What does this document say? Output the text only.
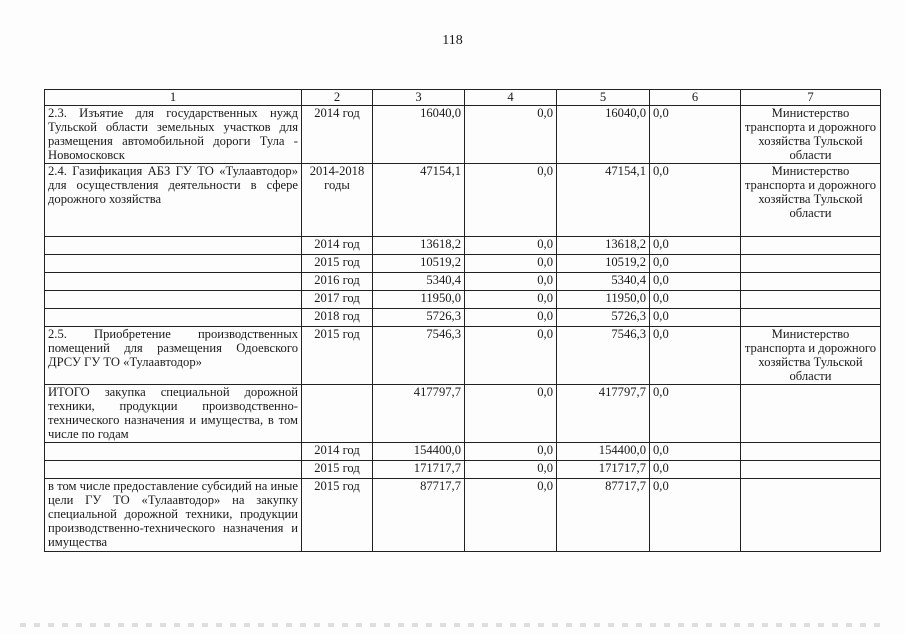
118
1	2	3	4	5	6	7
2.3. Изъятие для государственных нужд Тульской области земельных участков для размещения автомобильной дороги Тула - Новомосковск	2014 год	16040,0	0,0	16040,0	0,0	Министерство транспорта и дорожного хозяйства Тульской области
2.4. Газификация АБЗ ГУ ТО «Тулаавтодор» для осуществления деятельности в сфере дорожного хозяйства	2014-2018 годы	47154,1	0,0	47154,1	0,0	Министерство транспорта и дорожного хозяйства Тульской области
	2014 год	13618,2	0,0	13618,2	0,0	
	2015 год	10519,2	0,0	10519,2	0,0	
	2016 год	5340,4	0,0	5340,4	0,0	
	2017 год	11950,0	0,0	11950,0	0,0	
	2018 год	5726,3	0,0	5726,3	0,0	
2.5. Приобретение производственных помещений для размещения Одоевского ДРСУ ГУ ТО «Тулаавтодор»	2015 год	7546,3	0,0	7546,3	0,0	Министерство транспорта и дорожного хозяйства Тульской области
ИТОГО закупка специальной дорожной техники, продукции производственно-технического назначения и имущества, в том числе по годам		417797,7	0,0	417797,7	0,0	
	2014 год	154400,0	0,0	154400,0	0,0	
	2015 год	171717,7	0,0	171717,7	0,0	
в том числе предоставление субсидий на иные цели ГУ ТО «Тулаавтодор» на закупку специальной дорожной техники, продукции производственно-технического назначения и имущества	2015 год	87717,7	0,0	87717,7	0,0	
